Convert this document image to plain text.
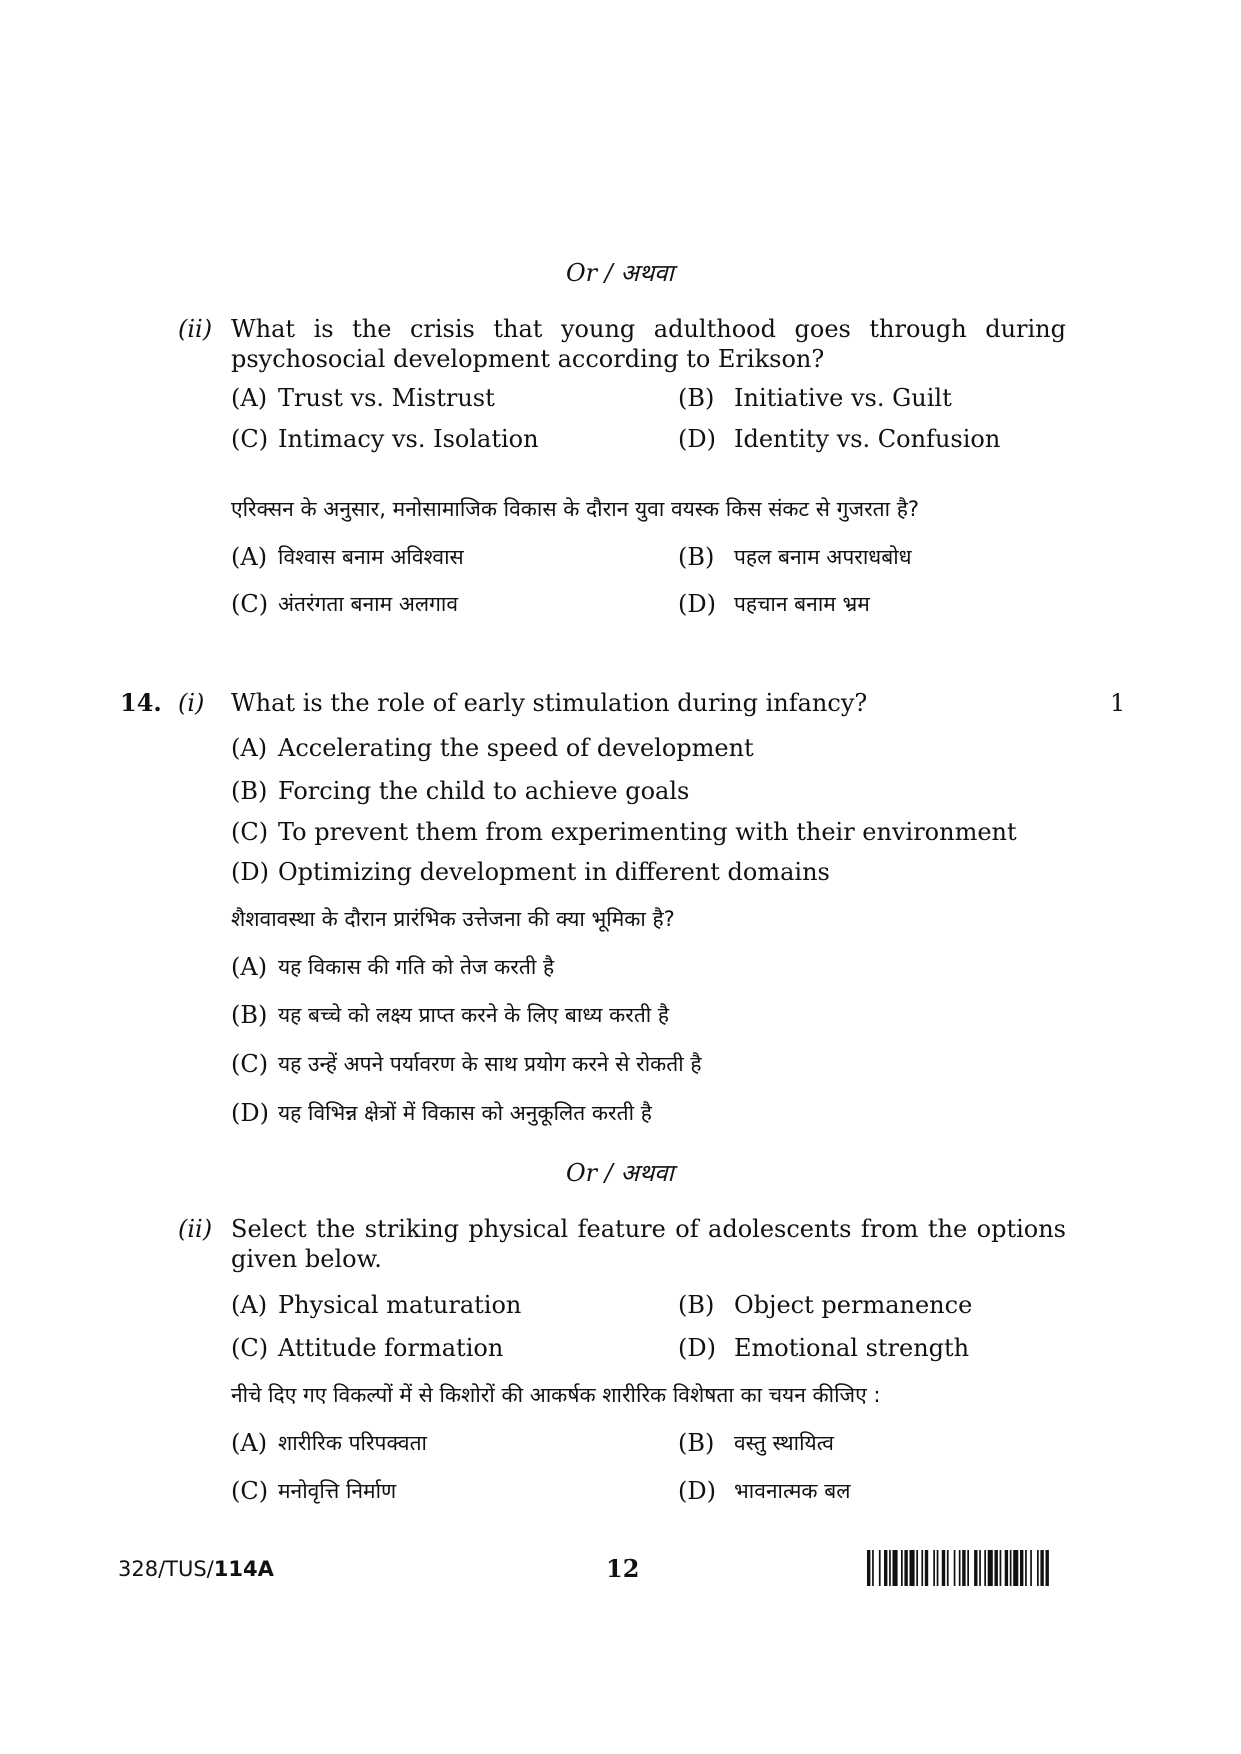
Or / अथवा
(ii) What is the crisis that young adulthood goes through during psychosocial development according to Erikson?
(A) Trust vs. Mistrust	(B) Initiative vs. Guilt
(C) Intimacy vs. Isolation	(D) Identity vs. Confusion
एरिक्सन के अनुसार, मनोसामाजिक विकास के दौरान युवा वयस्क किस संकट से गुजरता है?
(A) विश्वास बनाम अविश्वास	(B) पहल बनाम अपराधबोध
(C) अंतरंगता बनाम अलगाव	(D) पहचान बनाम भ्रम
14. (i) What is the role of early stimulation during infancy?	1
(A) Accelerating the speed of development
(B) Forcing the child to achieve goals
(C) To prevent them from experimenting with their environment
(D) Optimizing development in different domains
शैशवावस्था के दौरान प्रारंभिक उत्तेजना की क्या भूमिका है?
(A) यह विकास की गति को तेज करती है
(B) यह बच्चे को लक्ष्य प्राप्त करने के लिए बाध्य करती है
(C) यह उन्हें अपने पर्यावरण के साथ प्रयोग करने से रोकती है
(D) यह विभिन्न क्षेत्रों में विकास को अनुकूलित करती है
Or / अथवा
(ii) Select the striking physical feature of adolescents from the options given below.
(A) Physical maturation	(B) Object permanence
(C) Attitude formation	(D) Emotional strength
नीचे दिए गए विकल्पों में से किशोरों की आकर्षक शारीरिक विशेषता का चयन कीजिए :
(A) शारीरिक परिपक्वता	(B) वस्तु स्थायित्व
(C) मनोवृत्ति निर्माण	(D) भावनात्मक बल
328/TUS/114A	12
